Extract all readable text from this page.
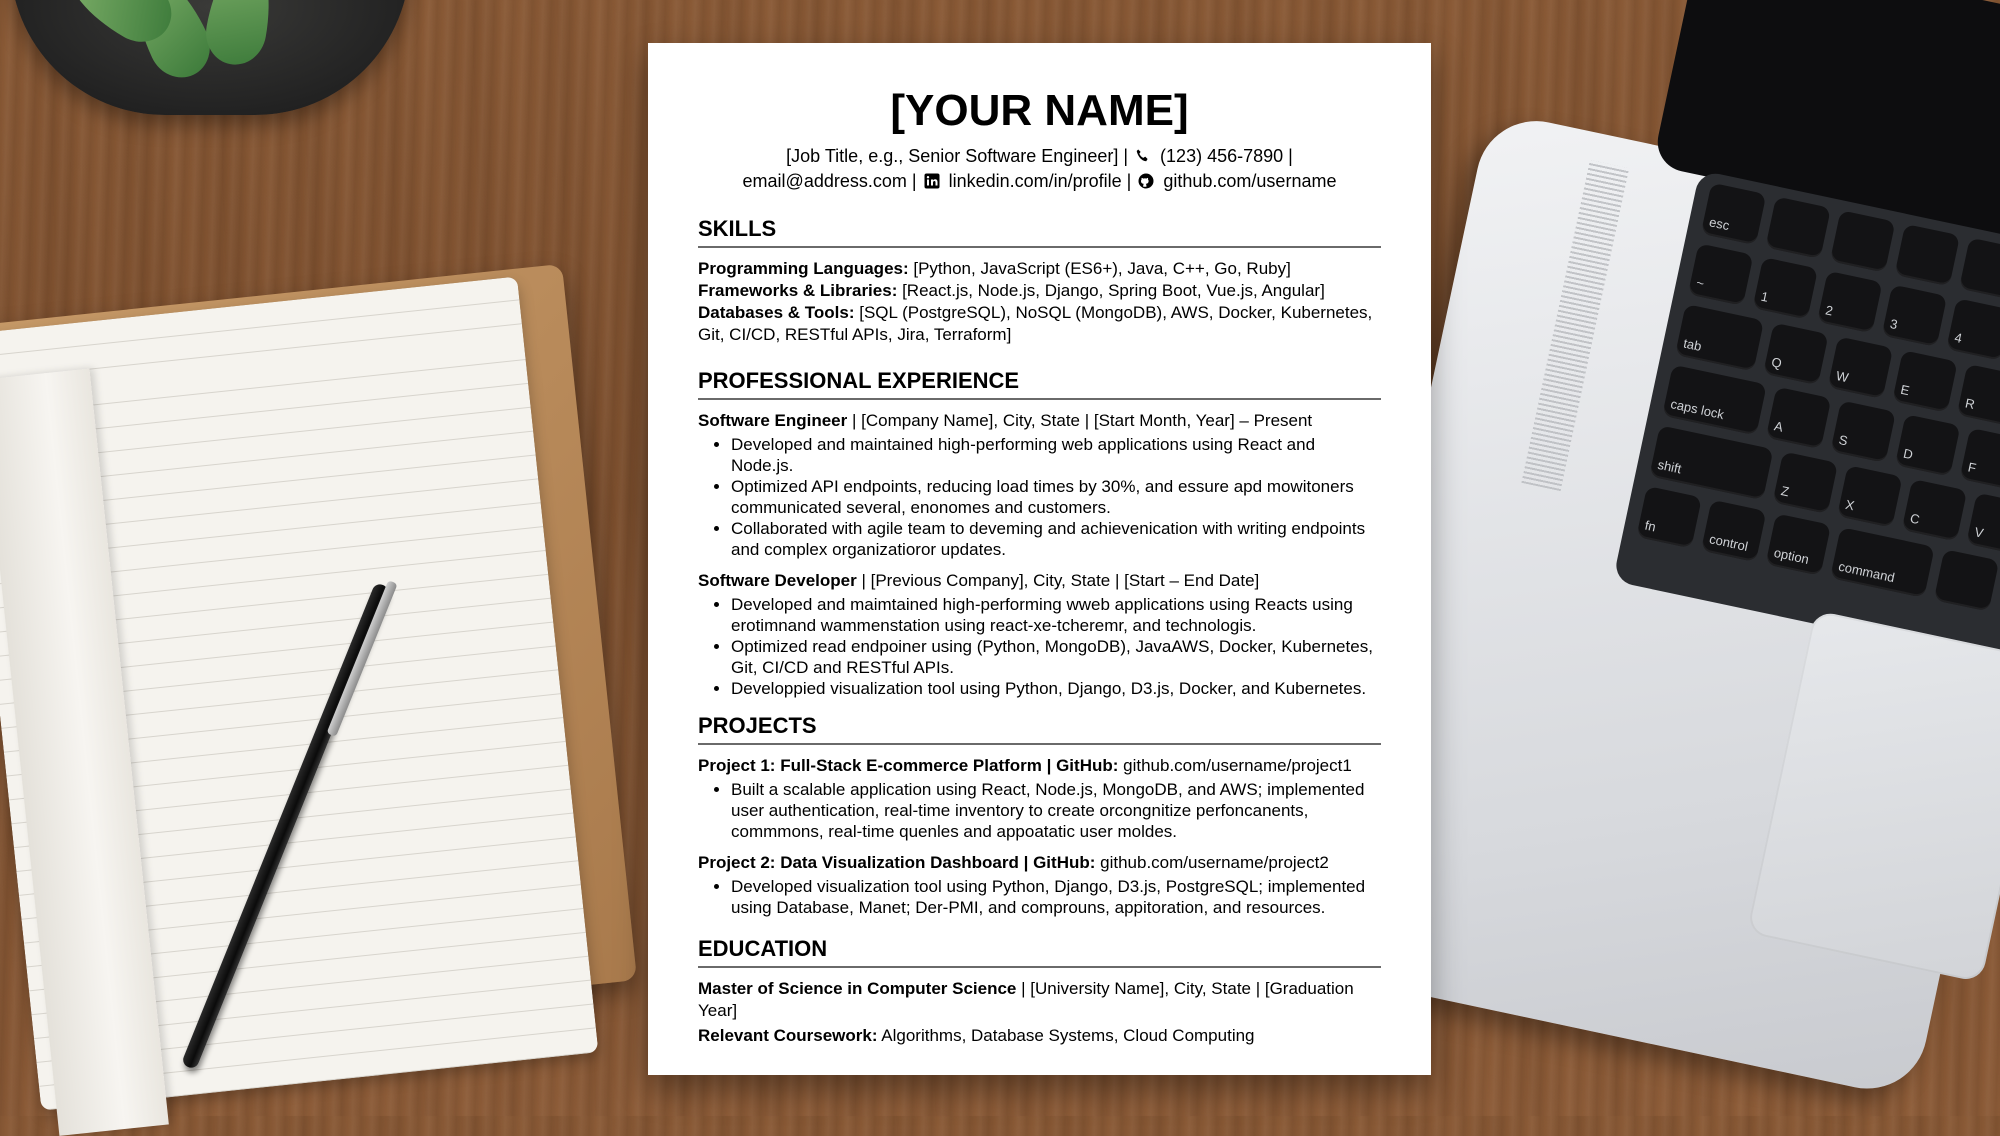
esc
~
1
2
3
4
tab
Q
W
E
R
caps lock
A
S
D
F
shift
Z
X
C
V
fn
control
option
command
[YOUR NAME]
[Job Title, e.g., Senior Software Engineer] | (123) 456-7890 |
email@address.com | linkedin.com/in/profile | github.com/username
SKILLS
Programming Languages: [Python, JavaScript (ES6+), Java, C++, Go, Ruby]
Frameworks & Libraries: [React.js, Node.js, Django, Spring Boot, Vue.js, Angular]
Databases & Tools: [SQL (PostgreSQL), NoSQL (MongoDB), AWS, Docker, Kubernetes, Git, CI/CD, RESTful APIs, Jira, Terraform]
PROFESSIONAL EXPERIENCE
Software Engineer | [Company Name], City, State | [Start Month, Year] – Present
• Developed and maintained high-performing web applications using React and Node.js.
• Optimized API endpoints, reducing load times by 30%, and essure apd mowitoners communicated several, enonomes and customers.
• Collaborated with agile team to deveming and achievenication with writing endpoints and complex organizatioror updates.
Software Developer | [Previous Company], City, State | [Start – End Date]
• Developed and maimtained high-performing wweb applications using Reacts using erotimnand wammenstation using react-xe-tcheremr, and technologis.
• Optimized read endpoiner using (Python, MongoDB), JavaAWS, Docker, Kubernetes, Git, CI/CD and RESTful APIs.
• Developpied visualization tool using Python, Django, D3.js, Docker, and Kubernetes.
PROJECTS
Project 1: Full-Stack E-commerce Platform | GitHub: github.com/username/project1
• Built a scalable application using React, Node.js, MongoDB, and AWS; implemented user authentication, real-time inventory to create orcongnitize perfoncanents, commmons, real-time quenles and appoatatic user moldes.
Project 2: Data Visualization Dashboard | GitHub: github.com/username/project2
• Developed visualization tool using Python, Django, D3.js, PostgreSQL; implemented using Database, Manet; Der-PMI, and comprouns, appitoration, and resources.
EDUCATION
Master of Science in Computer Science | [University Name], City, State | [Graduation Year]
Relevant Coursework: Algorithms, Database Systems, Cloud Computing
